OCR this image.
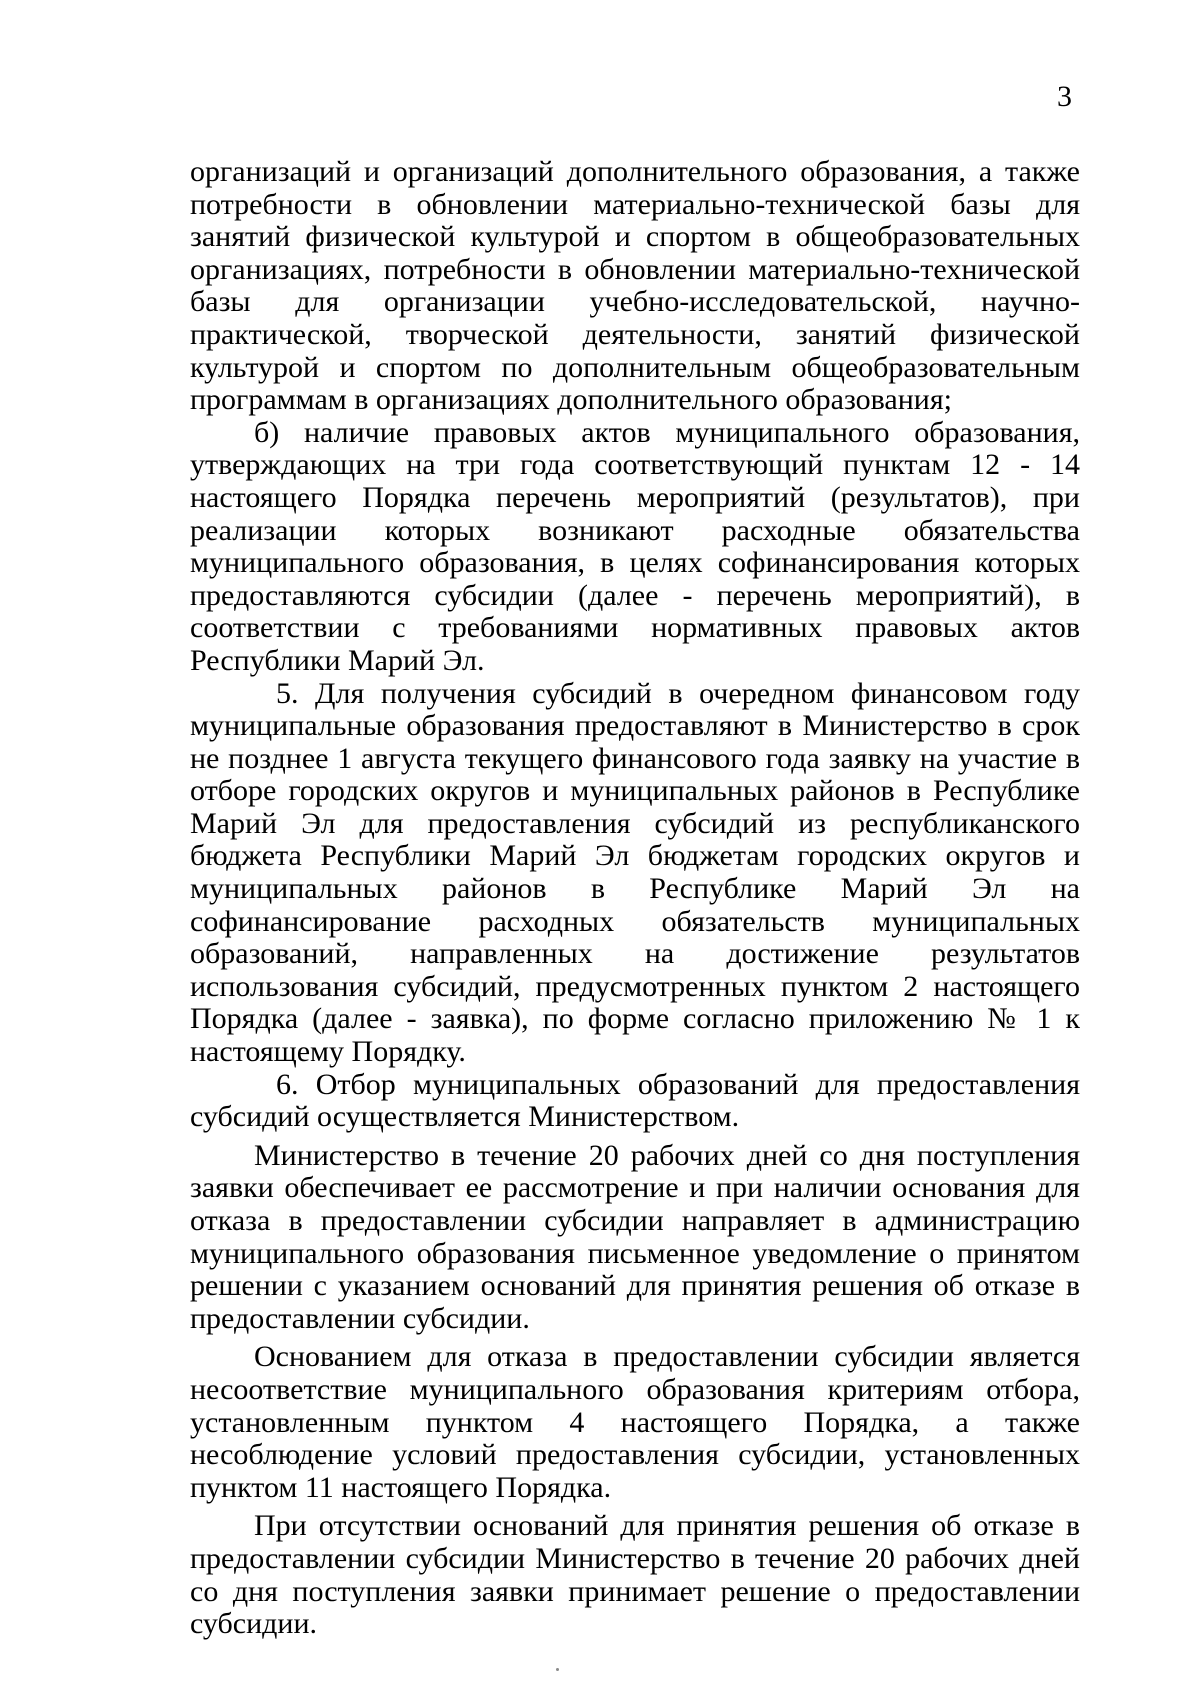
3

организаций и организаций дополнительного образования, а также потребности в обновлении материально-технической базы для занятий физической культурой и спортом в общеобразовательных организациях, потребности в обновлении материально-технической базы для организации учебно-исследовательской, научно-практической, творческой деятельности, занятий физической культурой и спортом по дополнительным общеобразовательным программам в организациях дополнительного образования;

б) наличие правовых актов муниципального образования, утверждающих на три года соответствующий пунктам 12 - 14 настоящего Порядка перечень мероприятий (результатов), при реализации которых возникают расходные обязательства муниципального образования, в целях софинансирования которых предоставляются субсидии (далее - перечень мероприятий), в соответствии с требованиями нормативных правовых актов Республики Марий Эл.

5. Для получения субсидий в очередном финансовом году муниципальные образования предоставляют в Министерство в срок не позднее 1 августа текущего финансового года заявку на участие в отборе городских округов и муниципальных районов в Республике Марий Эл для предоставления субсидий из республиканского бюджета Республики Марий Эл бюджетам городских округов и муниципальных районов в Республике Марий Эл на софинансирование расходных обязательств муниципальных образований, направленных на достижение результатов использования субсидий, предусмотренных пунктом 2 настоящего Порядка (далее - заявка), по форме согласно приложению № 1 к настоящему Порядку.

6. Отбор муниципальных образований для предоставления субсидий осуществляется Министерством.

Министерство в течение 20 рабочих дней со дня поступления заявки обеспечивает ее рассмотрение и при наличии основания для отказа в предоставлении субсидии направляет в администрацию муниципального образования письменное уведомление о принятом решении с указанием оснований для принятия решения об отказе в предоставлении субсидии.

Основанием для отказа в предоставлении субсидии является несоответствие муниципального образования критериям отбора, установленным пунктом 4 настоящего Порядка, а также несоблюдение условий предоставления субсидии, установленных пунктом 11 настоящего Порядка.

При отсутствии оснований для принятия решения об отказе в предоставлении субсидии Министерство в течение 20 рабочих дней со дня поступления заявки принимает решение о предоставлении субсидии.
